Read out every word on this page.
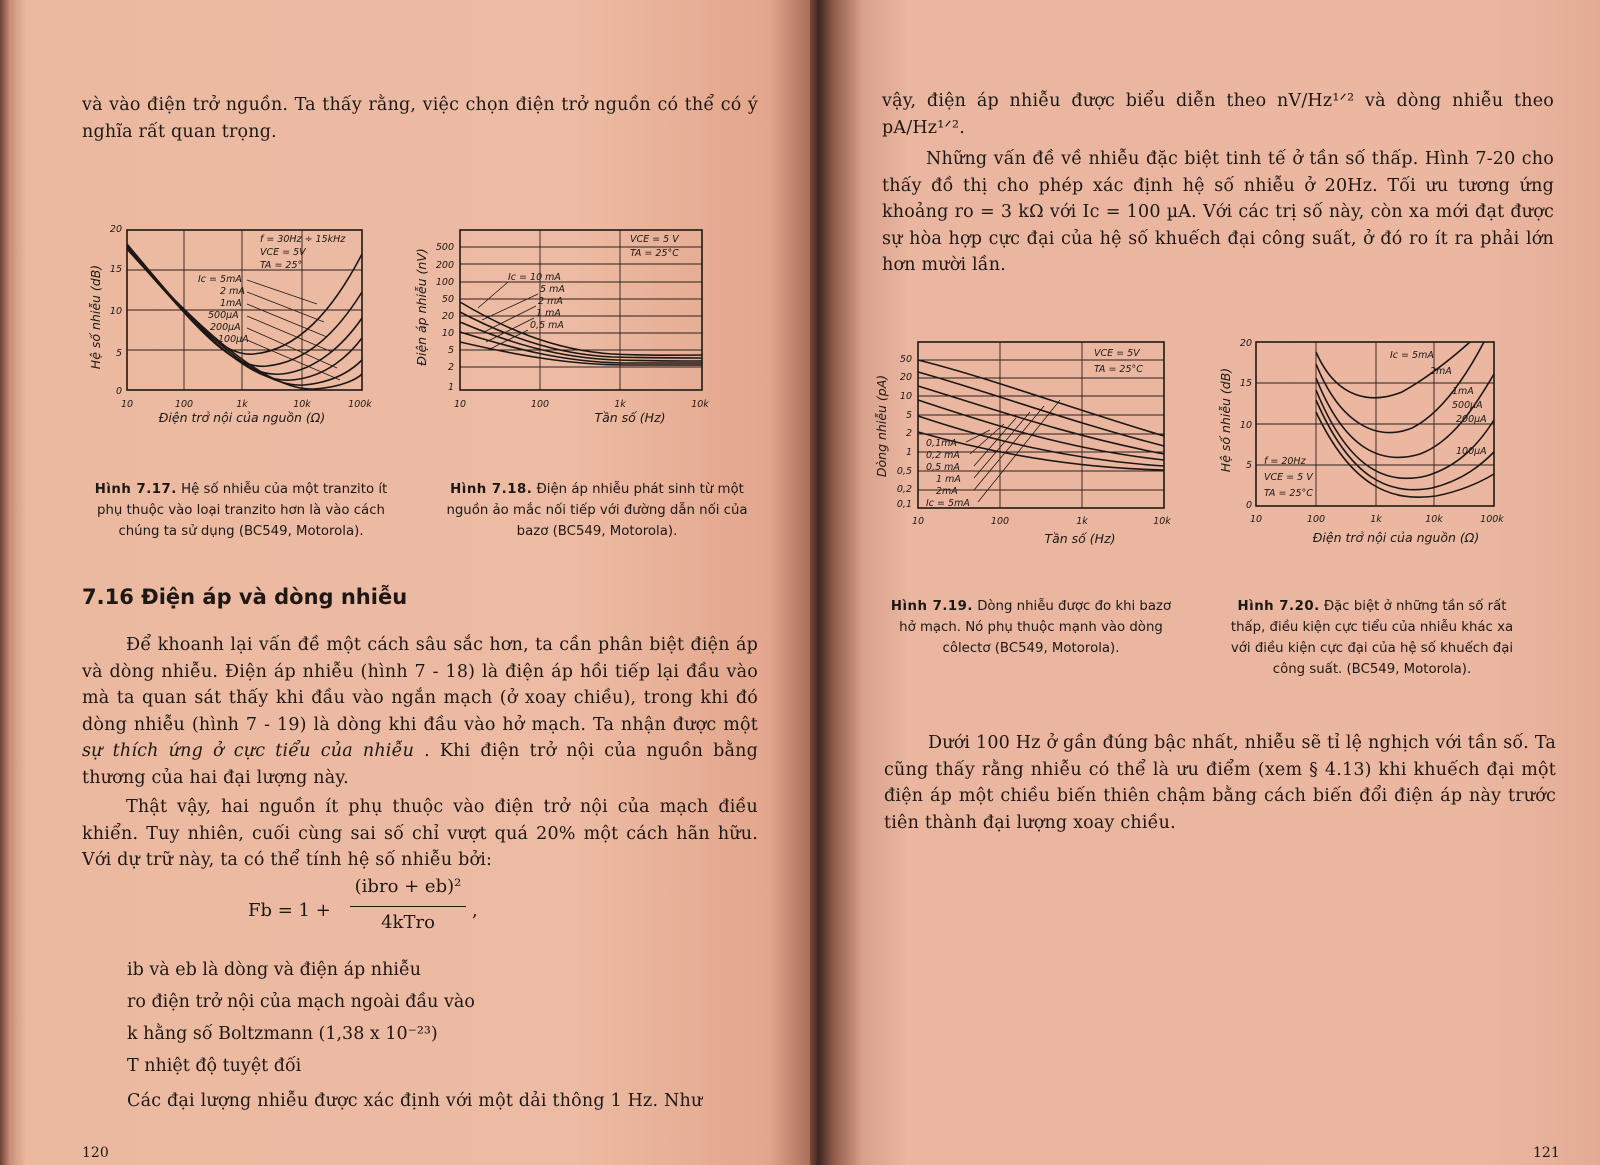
và vào điện trở nguồn. Ta thấy rằng, việc chọn điện trở nguồn có thể có ý nghĩa rất quan trọng.
Hệ số nhiễu (dB)
20
15
10
5
0
10	100	1k	10k	100k
Điện trở nội của nguồn (Ω)
f = 30Hz ÷ 15kHz
VCE = 5V
TA = 25°
Ic = 5mA
2 mA
1mA
500µA
200µA
100µA	Điện áp nhiễu (nV)
500
200
100
50
20
10
5
2
1
10	100	1k	10k
Tần số (Hz)
VCE = 5 V
TA = 25°C
Ic = 10 mA
5 mA
2 mA
1 mA
0,5 mA
Hình 7.17. Hệ số nhiễu của một tranzito ít phụ thuộc vào loại tranzito hơn là vào cách chúng ta sử dụng (BC549, Motorola).
Hình 7.18. Điện áp nhiễu phát sinh từ một nguồn ảo mắc nối tiếp với đường dẫn nối của bazơ (BC549, Motorola).
7.16 Điện áp và dòng nhiễu
Để khoanh lại vấn đề một cách sâu sắc hơn, ta cần phân biệt điện áp và dòng nhiễu. Điện áp nhiễu (hình 7 - 18) là điện áp hồi tiếp lại đầu vào mà ta quan sát thấy khi đầu vào ngắn mạch (ở xoay chiều), trong khi đó dòng nhiễu (hình 7 - 19) là dòng khi đầu vào hở mạch. Ta nhận được một sự thích ứng ở cực tiểu của nhiễu . Khi điện trở nội của nguồn bằng thương của hai đại lượng này.
Thật vậy, hai nguồn ít phụ thuộc vào điện trở nội của mạch điều khiển. Tuy nhiên, cuối cùng sai số chỉ vượt quá 20% một cách hãn hữu. Với dự trữ này, ta có thể tính hệ số nhiễu bởi:
Fb = 1 +
(ibro + eb)²
4kTro
,
ib và eb là dòng và điện áp nhiễu
ro điện trở nội của mạch ngoài đầu vào
k hằng số Boltzmann (1,38 x 10⁻²³)
T nhiệt độ tuyệt đối
Các đại lượng nhiễu được xác định với một dải thông 1 Hz. Như
120
vậy, điện áp nhiễu được biểu diễn theo nV/Hz¹ᐟ² và dòng nhiễu theo pA/Hz¹ᐟ².
Những vấn đề về nhiễu đặc biệt tinh tế ở tần số thấp. Hình 7-20 cho thấy đồ thị cho phép xác định hệ số nhiễu ở 20Hz. Tối ưu tương ứng khoảng ro = 3 kΩ với Ic = 100 µA. Với các trị số này, còn xa mới đạt được sự hòa hợp cực đại của hệ số khuếch đại công suất, ở đó ro ít ra phải lớn hơn mười lần.
Dòng nhiễu (pA)
50
20
10
5
2
1
0,5
0,2
0,1
10	100	1k	10k
Tần số (Hz)
VCE = 5V
TA = 25°C
0,1mA
0,2 mA
0,5 mA
1 mA
2mA
Ic = 5mA
Hệ số nhiễu (dB)
20
15
10
5
0
10	100	1k	10k	100k
Điện trở nội của nguồn (Ω)
f = 20Hz
VCE = 5 V
TA = 25°C
Ic = 5mA
2mA
1mA
500µA
200µA
100µA
Hình 7.19. Dòng nhiễu được đo khi bazơ hở mạch. Nó phụ thuộc mạnh vào dòng côlectơ (BC549, Motorola).
Hình 7.20. Đặc biệt ở những tần số rất thấp, điều kiện cực tiểu của nhiễu khác xa với điều kiện cực đại của hệ số khuếch đại công suất. (BC549, Motorola).
Dưới 100 Hz ở gần đúng bậc nhất, nhiễu sẽ tỉ lệ nghịch với tần số. Ta cũng thấy rằng nhiễu có thể là ưu điểm (xem § 4.13) khi khuếch đại một điện áp một chiều biến thiên chậm bằng cách biến đổi điện áp này trước tiên thành đại lượng xoay chiều.
121
